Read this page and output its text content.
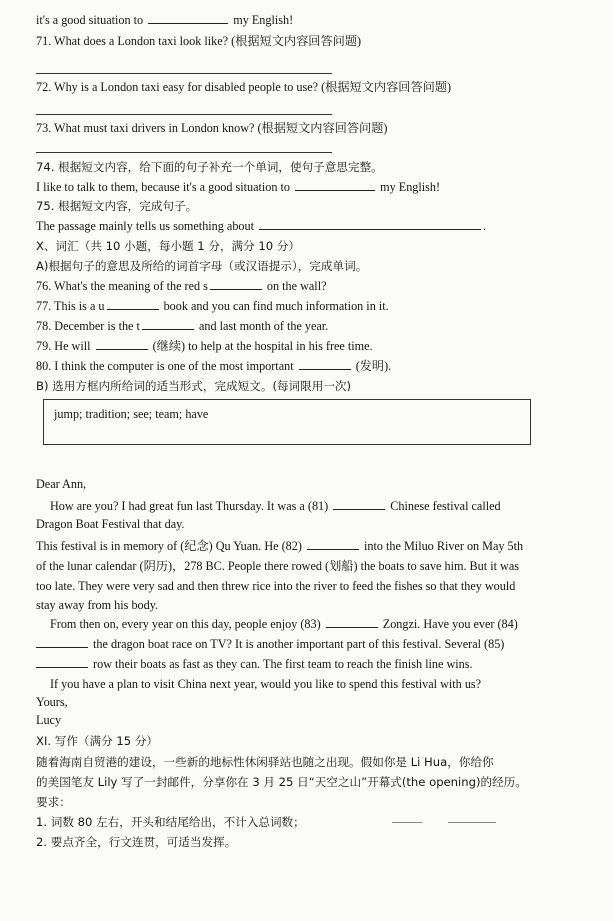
it's a good situation to	my English!
71. What does a London taxi look like? (根据短文内容回答问题)
72. Why is a London taxi easy for disabled people to use? (根据短文内容回答问题)
73. What must taxi drivers in London know? (根据短文内容回答问题)
74. 根据短文内容，给下面的句子补充一个单词，使句子意思完整。
I like to talk to them, because it's a good situation to	my English!
75. 根据短文内容，完成句子。
The passage mainly tells us something about	.
X、词汇（共 10 小题，每小题 1 分，满分 10 分）
A)根据句子的意思及所给的词首字母（或汉语提示），完成单词。
76. What's the meaning of the red s	on the wall?
77. This is a u	book and you can find much information in it.
78. December is the t	and last month of the year.
79. He will	(继续) to help at the hospital in his free time.
80. I think the computer is one of the most important	(发明).
B) 选用方框内所给词的适当形式，完成短文。(每词限用一次)
jump; tradition; see; team; have
Dear Ann,
How are you? I had great fun last Thursday. It was a (81)	Chinese festival called
Dragon Boat Festival that day.
This festival is in memory of (纪念) Qu Yuan. He (82)	into the Miluo River on May 5th
of the lunar calendar (阴历)，278 BC. People there rowed (划船) the boats to save him. But it was
too late. They were very sad and then threw rice into the river to feed the fishes so that they would
stay away from his body.
From then on, every year on this day, people enjoy (83)	Zongzi. Have you ever (84)
the dragon boat race on TV? It is another important part of this festival. Several (85)
row their boats as fast as they can. The first team to reach the finish line wins.
If you have a plan to visit China next year, would you like to spend this festival with us?
Yours,
Lucy
XI. 写作（满分 15 分）
随着海南自贸港的建设，一些新的地标性休闲驿站也随之出现。假如你是 Li Hua，你给你
的美国笔友 Lily 写了一封邮件，分享你在 3 月 25 日“天空之山”开幕式(the opening)的经历。
要求：
1. 词数 80 左右，开头和结尾给出，不计入总词数；
2. 要点齐全，行文连贯，可适当发挥。
